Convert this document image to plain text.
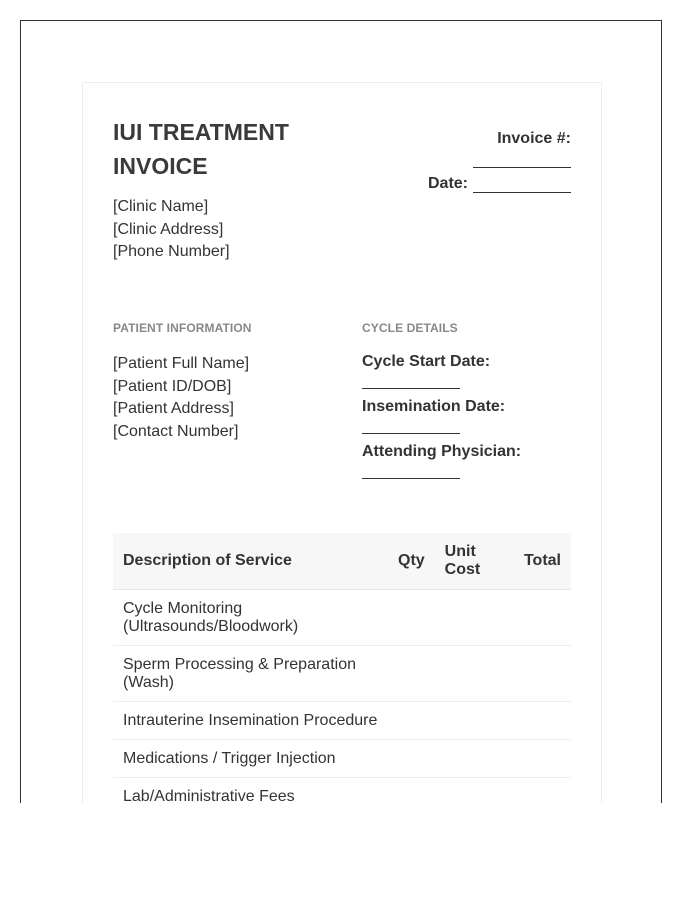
IUI TREATMENT INVOICE
[Clinic Name]
[Clinic Address]
[Phone Number]
Invoice #:
Date:
PATIENT INFORMATION	CYCLE DETAILS
[Patient Full Name]
[Patient ID/DOB]
[Patient Address]
[Contact Number]
Cycle Start Date:
Insemination Date:
Attending Physician:
Description of Service	Qty	Unit Cost	Total
Cycle Monitoring (Ultrasounds/Bloodwork)			
Sperm Processing & Preparation (Wash)			
Intrauterine Insemination Procedure			
Medications / Trigger Injection			
Lab/Administrative Fees			
